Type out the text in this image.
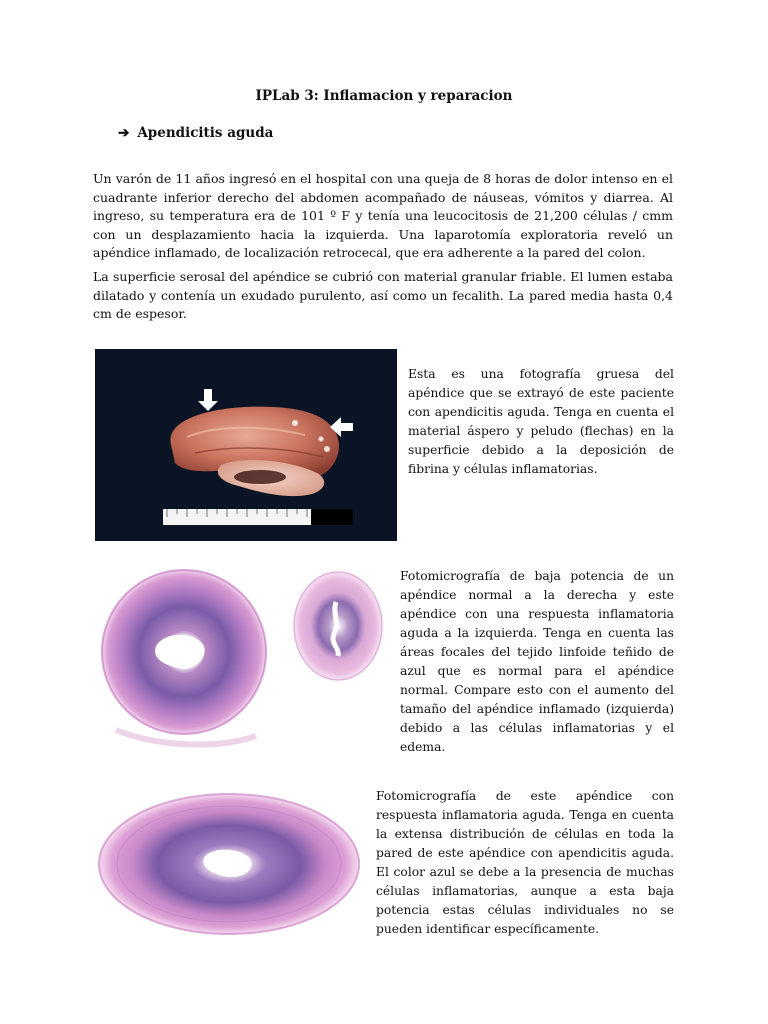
IPLab 3: Inflamacion y reparacion
➔ Apendicitis aguda

Un varón de 11 años ingresó en el hospital con una queja de 8 horas de dolor intenso en el cuadrante inferior derecho del abdomen acompañado de náuseas, vómitos y diarrea. Al ingreso, su temperatura era de 101 º F y tenía una leucocitosis de 21,200 células / cmm con un desplazamiento hacia la izquierda. Una laparotomía exploratoria reveló un apéndice inflamado, de localización retrocecal, que era adherente a la pared del colon.

La superficie serosal del apéndice se cubrió con material granular friable. El lumen estaba dilatado y contenía un exudado purulento, así como un fecalith. La pared media hasta 0,4 cm de espesor.

Esta es una fotografía gruesa del apéndice que se extrayó de este paciente con apendicitis aguda. Tenga en cuenta el material áspero y peludo (flechas) en la superficie debido a la deposición de fibrina y células inflamatorias.

Fotomicrografía de baja potencia de un apéndice normal a la derecha y este apéndice con una respuesta inflamatoria aguda a la izquierda. Tenga en cuenta las áreas focales del tejido linfoide teñido de azul que es normal para el apéndice normal. Compare esto con el aumento del tamaño del apéndice inflamado (izquierda) debido a las células inflamatorias y el edema.

Fotomicrografía de este apéndice con respuesta inflamatoria aguda. Tenga en cuenta la extensa distribución de células en toda la pared de este apéndice con apendicitis aguda. El color azul se debe a la presencia de muchas células inflamatorias, aunque a esta baja potencia estas células individuales no se pueden identificar específicamente.
